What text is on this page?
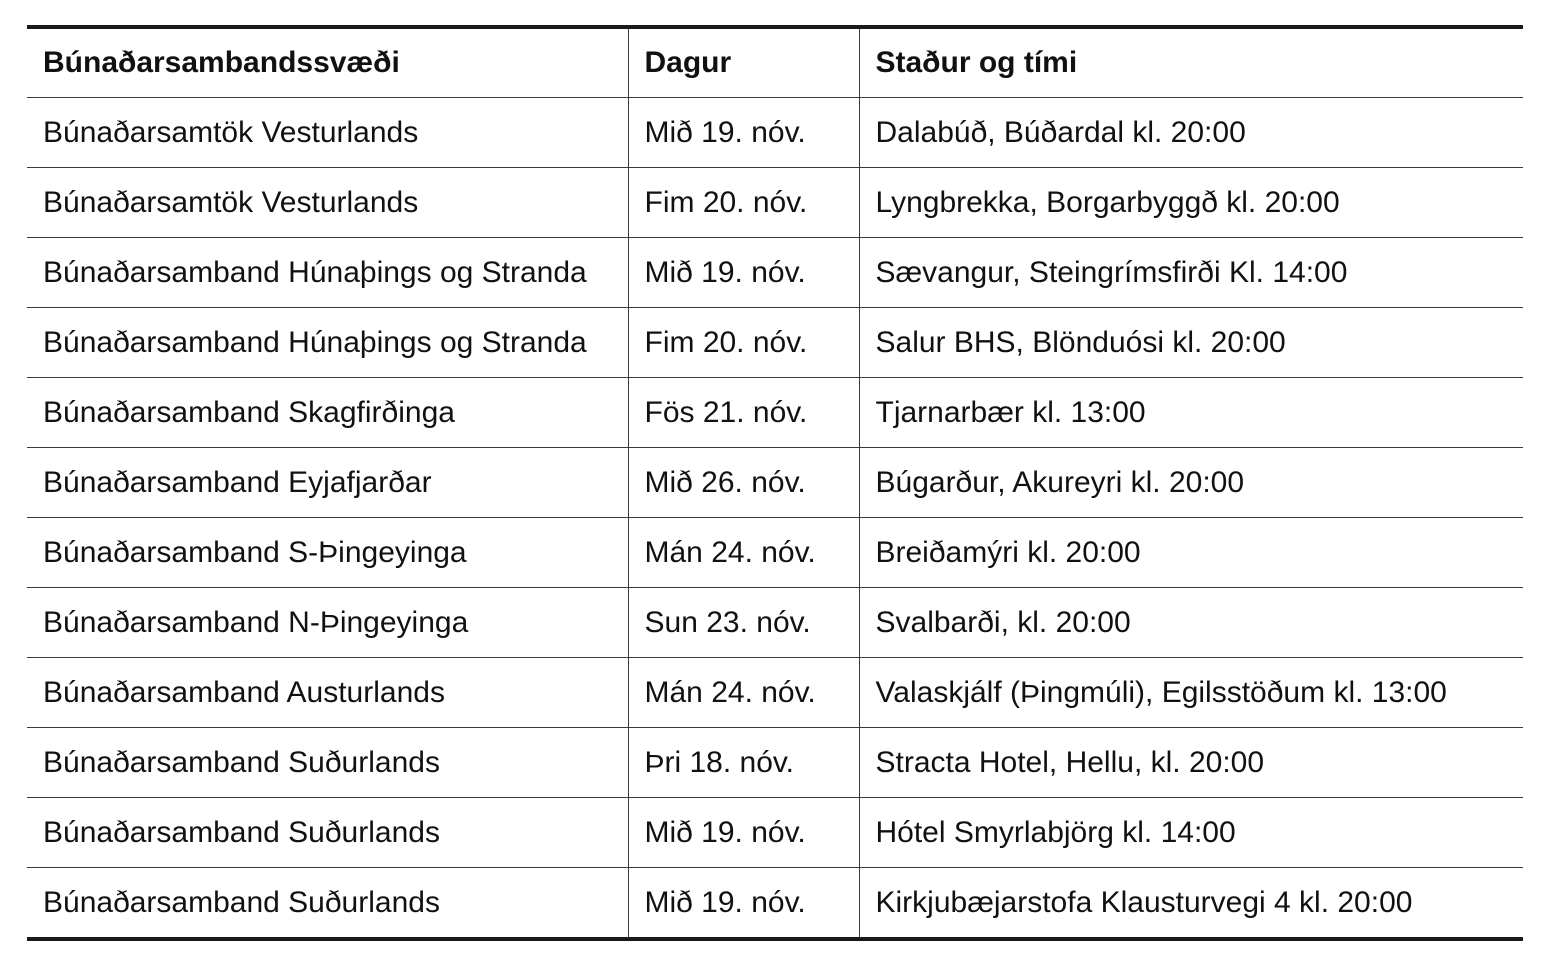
Búnaðarsambandssvæði	Dagur	Staður og tími
Búnaðarsamtök Vesturlands	Mið 19. nóv.	Dalabúð, Búðardal kl. 20:00
Búnaðarsamtök Vesturlands	Fim 20. nóv.	Lyngbrekka, Borgarbyggð kl. 20:00
Búnaðarsamband Húnaþings og Stranda	Mið 19. nóv.	Sævangur, Steingrímsfirði Kl. 14:00
Búnaðarsamband Húnaþings og Stranda	Fim 20. nóv.	Salur BHS, Blönduósi kl. 20:00
Búnaðarsamband Skagfirðinga	Fös 21. nóv.	Tjarnarbær kl. 13:00
Búnaðarsamband Eyjafjarðar	Mið 26. nóv.	Búgarður, Akureyri kl. 20:00
Búnaðarsamband S-Þingeyinga	Mán 24. nóv.	Breiðamýri kl. 20:00
Búnaðarsamband N-Þingeyinga	Sun 23. nóv.	Svalbarði, kl. 20:00
Búnaðarsamband Austurlands	Mán 24. nóv.	Valaskjálf (Þingmúli), Egilsstöðum kl. 13:00
Búnaðarsamband Suðurlands	Þri 18. nóv.	Stracta Hotel, Hellu, kl. 20:00
Búnaðarsamband Suðurlands	Mið 19. nóv.	Hótel Smyrlabjörg kl. 14:00
Búnaðarsamband Suðurlands	Mið 19. nóv.	Kirkjubæjarstofa Klausturvegi 4 kl. 20:00
